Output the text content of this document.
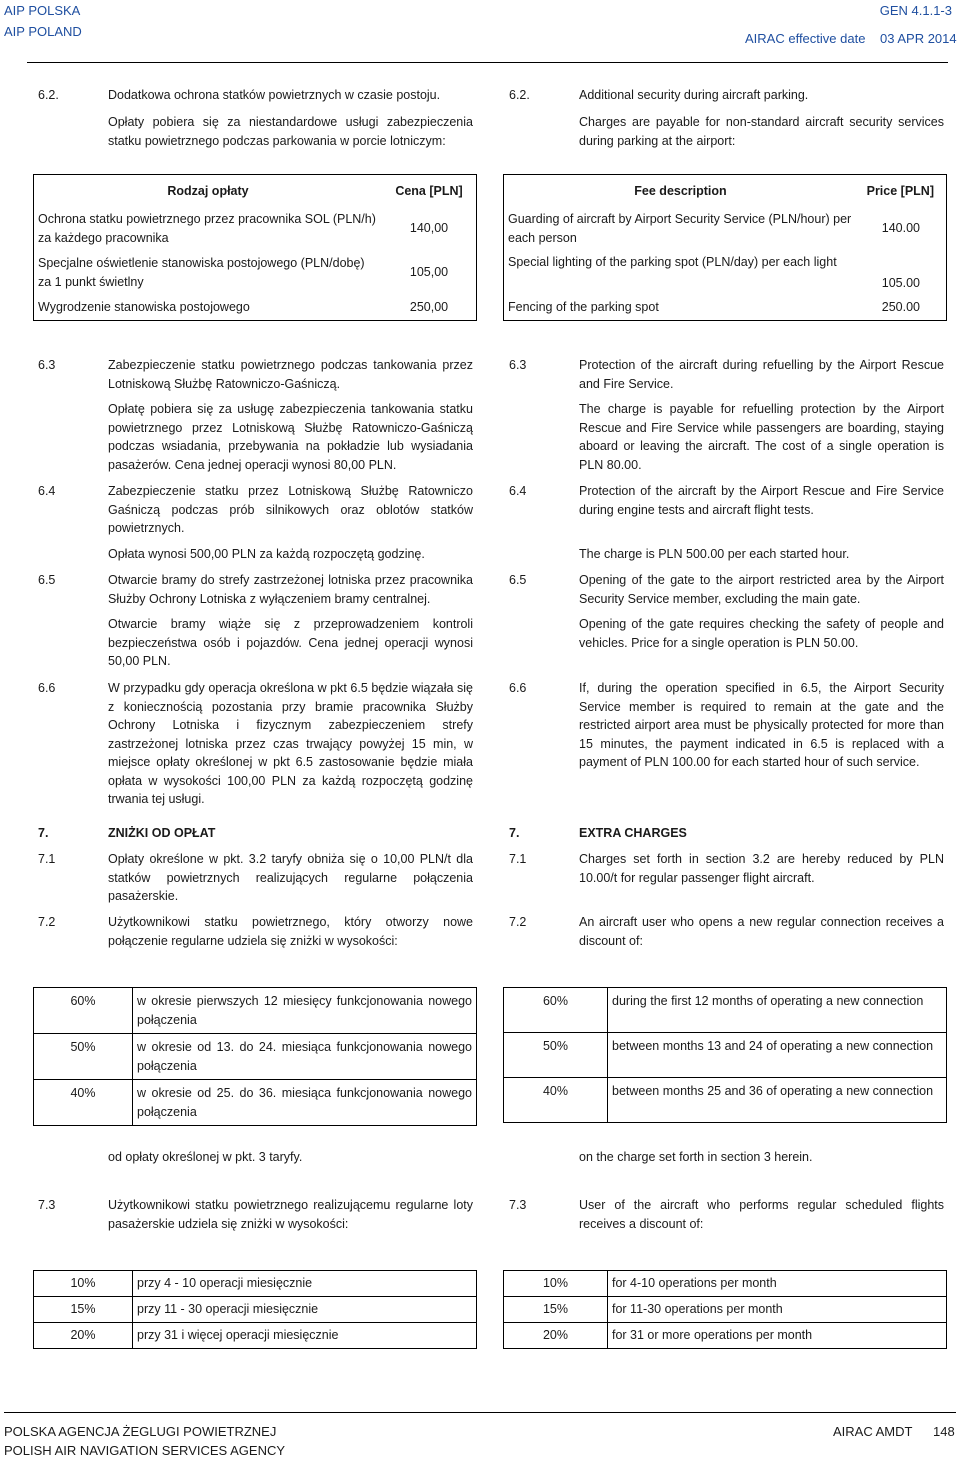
AIP POLSKA
AIP POLAND
GEN 4.1.1-3
AIRAC effective date 03 APR 2014
6.2.	Dodatkowa ochrona statków powietrznych w czasie postoju.
Opłaty pobiera się za niestandardowe usługi zabezpieczenia statku powietrznego podczas parkowania w porcie lotniczym:
6.2.	Additional security during aircraft parking.
Charges are payable for non-standard aircraft security services during parking at the airport:
Rodzaj opłaty	Cena [PLN]
Ochrona statku powietrznego przez pracownika SOL (PLN/h) za każdego pracownika	140,00
Specjalne oświetlenie stanowiska postojowego (PLN/dobę) za 1 punkt świetlny	105,00
Wygrodzenie stanowiska postojowego	250,00
Fee description	Price [PLN]
Guarding of aircraft by Airport Security Service (PLN/hour) per each person	140.00
Special lighting of the parking spot (PLN/day) per each light	105.00
Fencing of the parking spot	250.00
6.3	Zabezpieczenie statku powietrznego podczas tankowania przez Lotniskową Służbę Ratowniczo-Gaśniczą.
Opłatę pobiera się za usługę zabezpieczenia tankowania statku powietrznego przez Lotniskową Służbę Ratowniczo-Gaśniczą podczas wsiadania, przebywania na pokładzie lub wysiadania pasażerów. Cena jednej operacji wynosi 80,00 PLN.
6.4	Zabezpieczenie statku przez Lotniskową Służbę Ratowniczo Gaśniczą podczas prób silnikowych oraz oblotów statków powietrznych.
Opłata wynosi 500,00 PLN za każdą rozpoczętą godzinę.
6.5	Otwarcie bramy do strefy zastrzeżonej lotniska przez pracownika Służby Ochrony Lotniska z wyłączeniem bramy centralnej.
Otwarcie bramy wiąże się z przeprowadzeniem kontroli bezpieczeństwa osób i pojazdów. Cena jednej operacji wynosi 50,00 PLN.
6.6	W przypadku gdy operacja określona w pkt 6.5 będzie wiązała się z koniecznością pozostania przy bramie pracownika Służby Ochrony Lotniska i fizycznym zabezpieczeniem strefy zastrzeżonej lotniska przez czas trwający powyżej 15 min, w miejsce opłaty określonej w pkt 6.5 zastosowanie będzie miała opłata w wysokości 100,00 PLN za każdą rozpoczętą godzinę trwania tej usługi.
6.3	Protection of the aircraft during refuelling by the Airport Rescue and Fire Service.
The charge is payable for refuelling protection by the Airport Rescue and Fire Service while passengers are boarding, staying aboard or leaving the aircraft. The cost of a single operation is PLN 80.00.
6.4	Protection of the aircraft by the Airport Rescue and Fire Service during engine tests and aircraft flight tests.
The charge is PLN 500.00 per each started hour.
6.5	Opening of the gate to the airport restricted area by the Airport Security Service member, excluding the main gate.
Opening of the gate requires checking the safety of people and vehicles. Price for a single operation is PLN 50.00.
6.6	If, during the operation specified in 6.5, the Airport Security Service member is required to remain at the gate and the restricted airport area must be physically protected for more than 15 minutes, the payment indicated in 6.5 is replaced with a payment of PLN 100.00 for each started hour of such service.
7.	ZNIŻKI OD OPŁAT
7.1	Opłaty określone w pkt. 3.2 taryfy obniża się o 10,00 PLN/t dla statków powietrznych realizujących regularne połączenia pasażerskie.
7.2	Użytkownikowi statku powietrznego, który otworzy nowe połączenie regularne udziela się zniżki w wysokości:
7.	EXTRA CHARGES
7.1	Charges set forth in section 3.2 are hereby reduced by PLN 10.00/t for regular passenger flight aircraft.
7.2	An aircraft user who opens a new regular connection receives a discount of:
60%	w okresie pierwszych 12 miesięcy funkcjonowania nowego połączenia
50%	w okresie od 13. do 24. miesiąca funkcjonowania nowego połączenia
40%	w okresie od 25. do 36. miesiąca funkcjonowania nowego połączenia
60%	during the first 12 months of operating a new connection
50%	between months 13 and 24 of operating a new connection
40%	between months 25 and 36 of operating a new connection
od opłaty określonej w pkt. 3 taryfy.
7.3	Użytkownikowi statku powietrznego realizującemu regularne loty pasażerskie udziela się zniżki w wysokości:
on the charge set forth in section 3 herein.
7.3	User of the aircraft who performs regular scheduled flights receives a discount of:
10%	przy 4 - 10 operacji miesięcznie
15%	przy 11 - 30 operacji miesięcznie
20%	przy 31 i więcej operacji miesięcznie
10%	for 4-10 operations per month
15%	for 11-30 operations per month
20%	for 31 or more operations per month
POLSKA AGENCJA ŻEGLUGI POWIETRZNEJ
POLISH AIR NAVIGATION SERVICES AGENCY
AIRAC AMDT 148
